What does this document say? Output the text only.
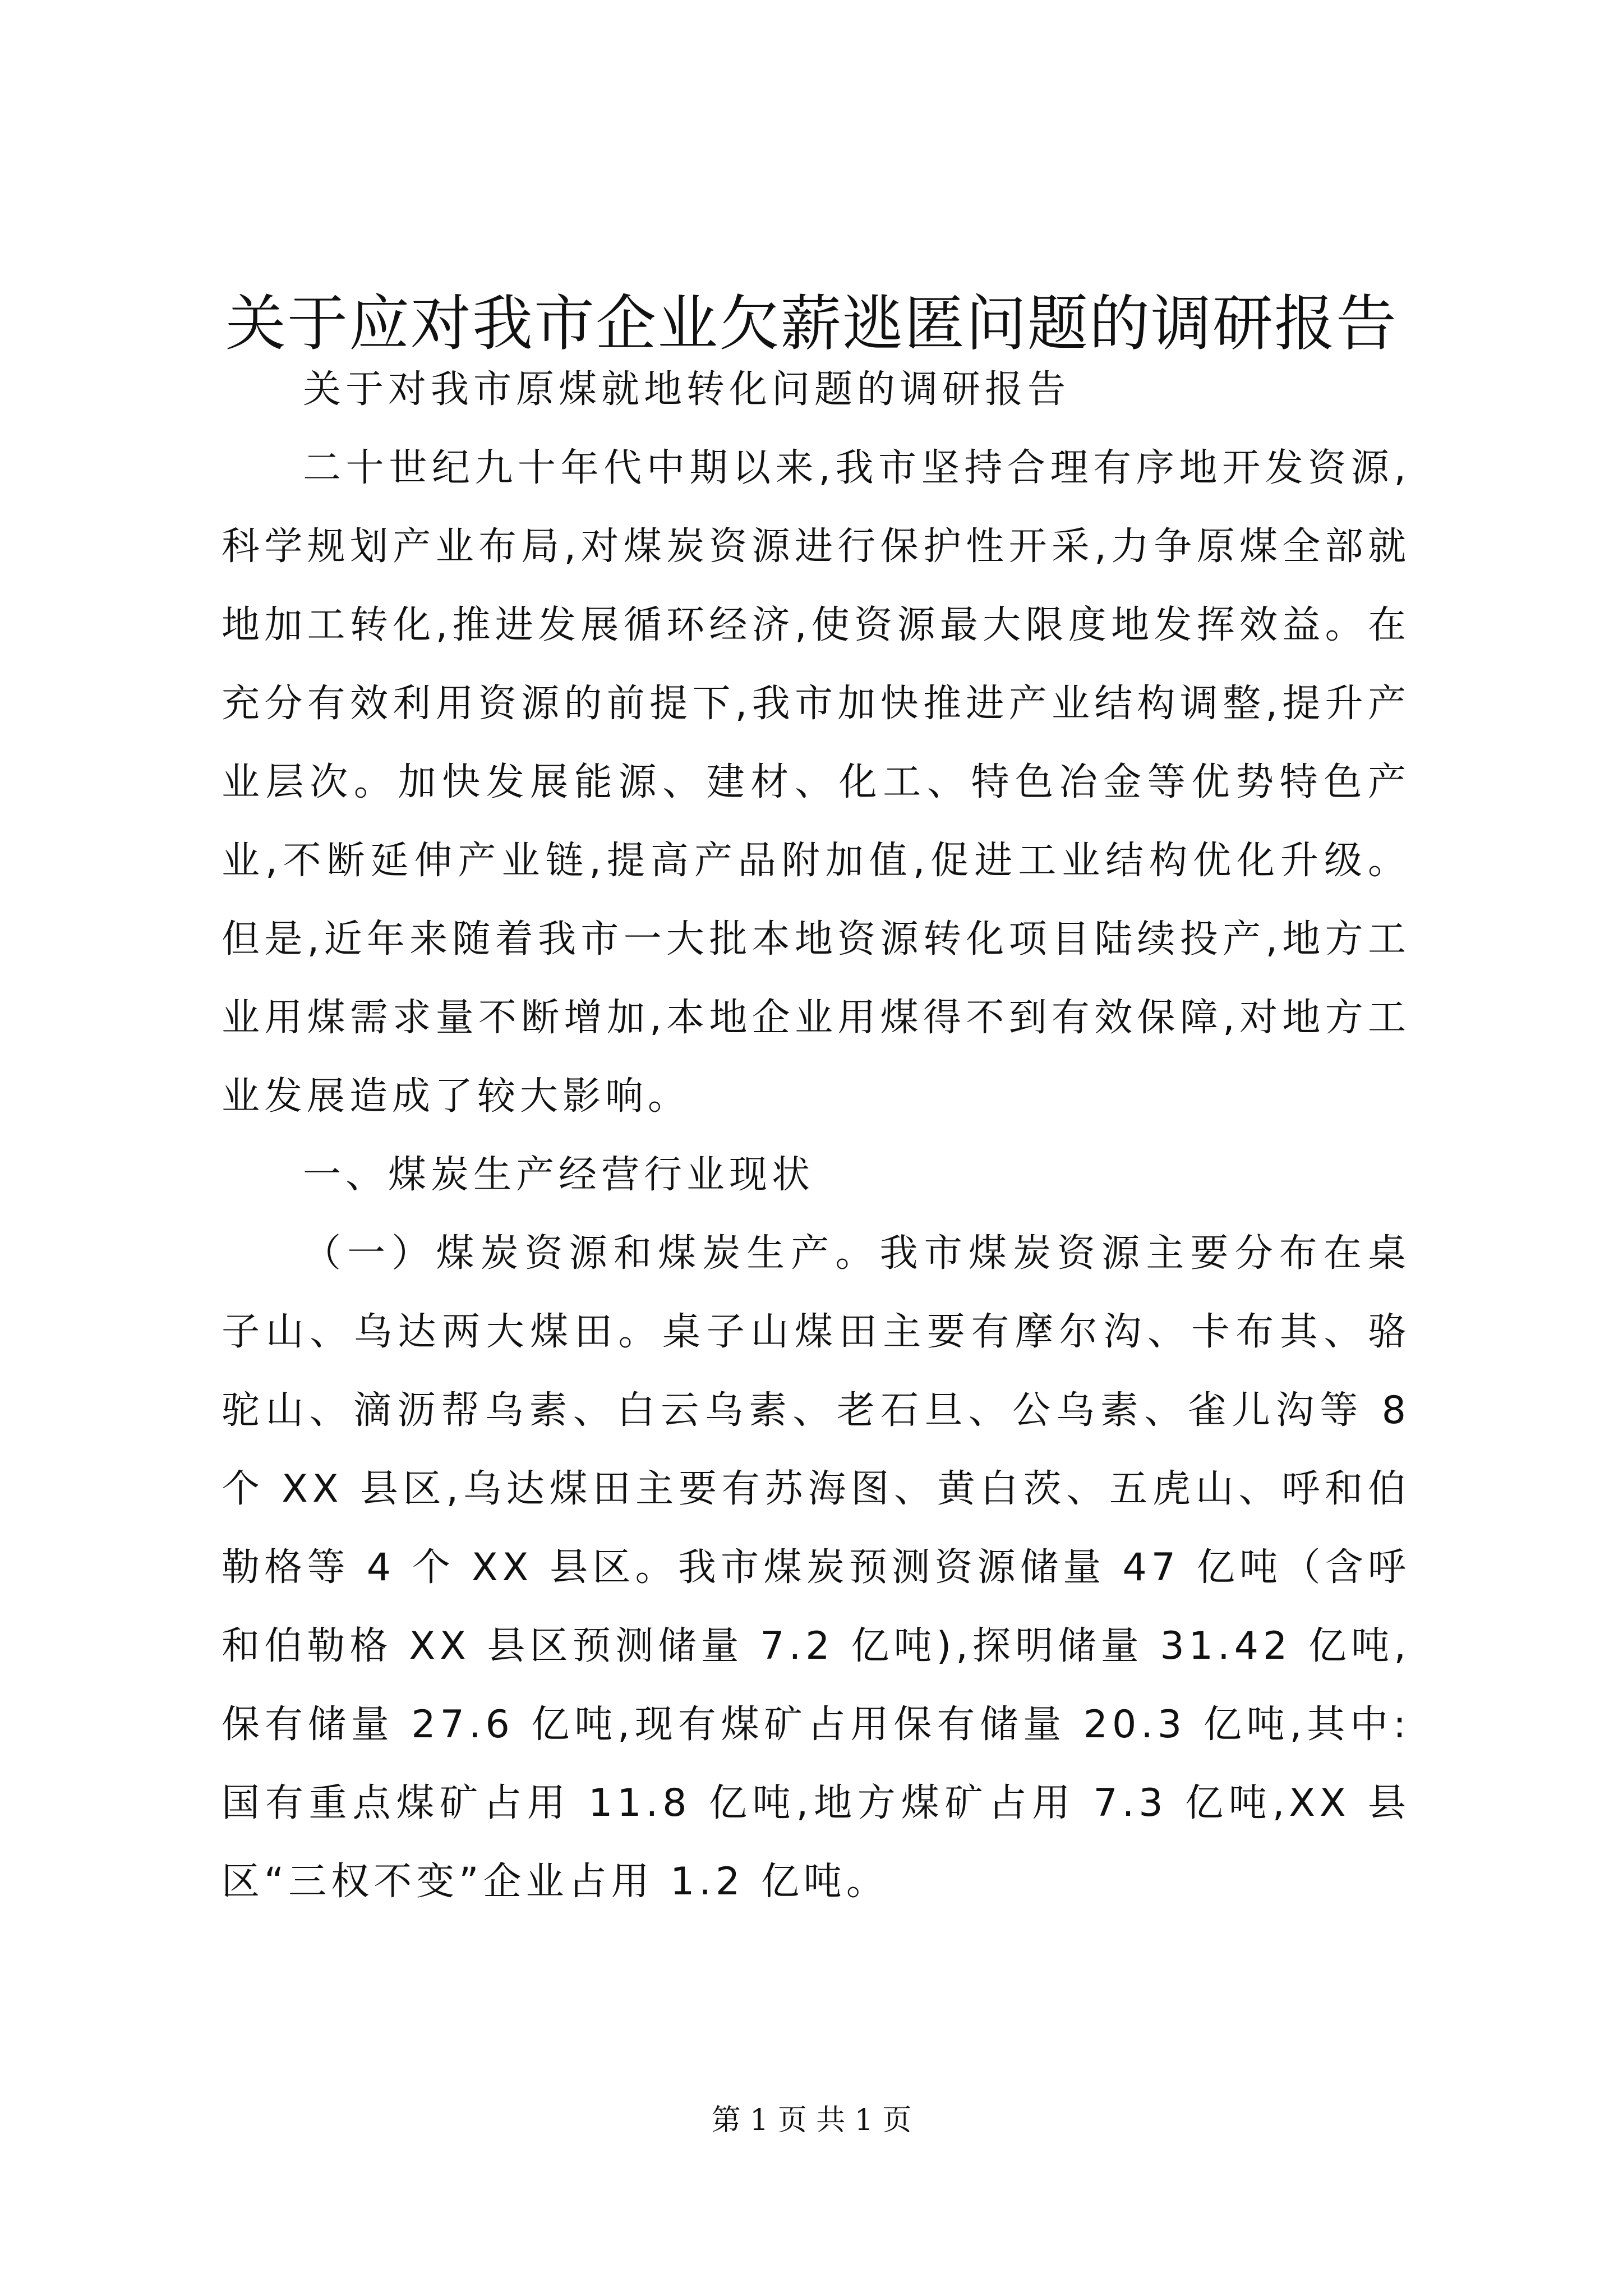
关于应对我市企业欠薪逃匿问题的调研报告

关于对我市原煤就地转化问题的调研报告

二十世纪九十年代中期以来,我市坚持合理有序地开发资源,科学规划产业布局,对煤炭资源进行保护性开采,力争原煤全部就地加工转化,推进发展循环经济,使资源最大限度地发挥效益。在充分有效利用资源的前提下,我市加快推进产业结构调整,提升产业层次。加快发展能源、建材、化工、特色冶金等优势特色产业,不断延伸产业链,提高产品附加值,促进工业结构优化升级。但是,近年来随着我市一大批本地资源转化项目陆续投产,地方工业用煤需求量不断增加,本地企业用煤得不到有效保障,对地方工业发展造成了较大影响。

一、煤炭生产经营行业现状

（一）煤炭资源和煤炭生产。我市煤炭资源主要分布在桌子山、乌达两大煤田。桌子山煤田主要有摩尔沟、卡布其、骆驼山、滴沥帮乌素、白云乌素、老石旦、公乌素、雀儿沟等 8 个 XX 县区,乌达煤田主要有苏海图、黄白茨、五虎山、呼和伯勒格等 4 个 XX 县区。我市煤炭预测资源储量 47 亿吨（含呼和伯勒格 XX 县区预测储量 7.2 亿吨),探明储量 31.42 亿吨,保有储量 27.6 亿吨,现有煤矿占用保有储量 20.3 亿吨,其中:国有重点煤矿占用 11.8 亿吨,地方煤矿占用 7.3 亿吨,XX 县区“三权不变”企业占用 1.2 亿吨。

第 1 页 共 1 页
